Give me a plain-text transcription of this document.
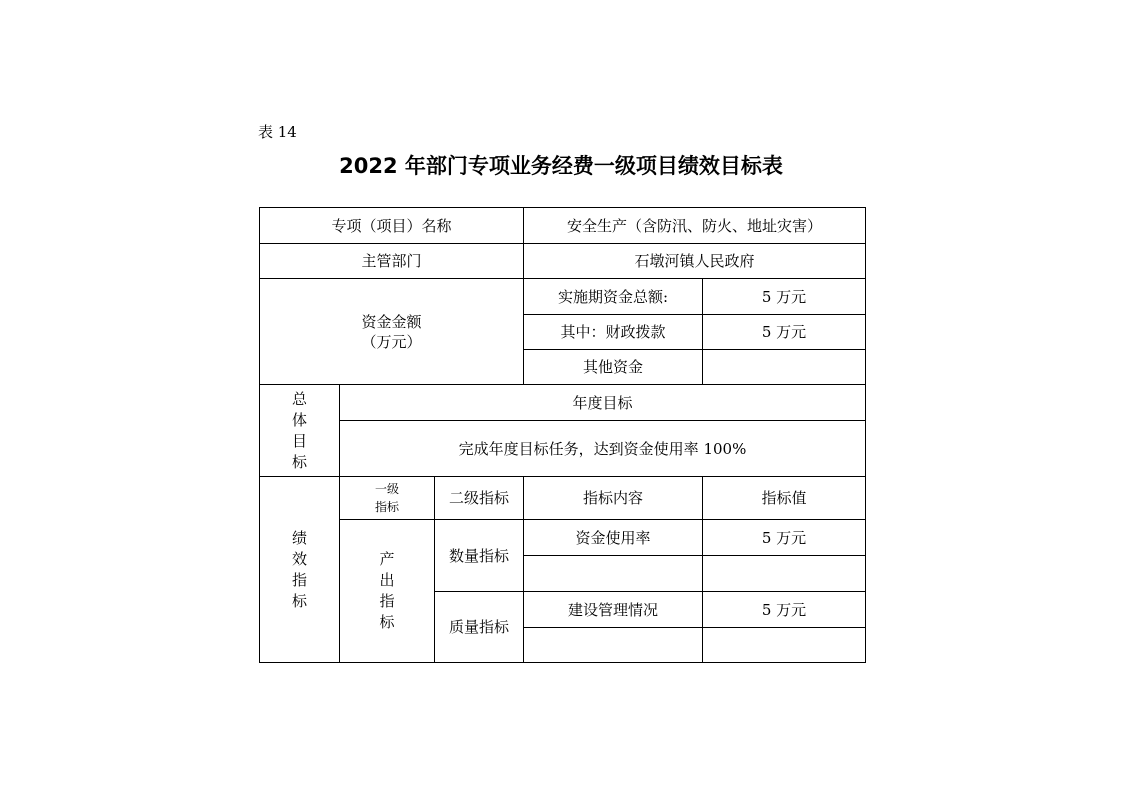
表 14
2022 年部门专项业务经费一级项目绩效目标表
专项（项目）名称			安全生产（含防汛、防火、地址灾害）	
主管部门			石墩河镇人民政府	

资金金额
（万元）			实施期资金总额:	5 万元
			其中：财政拨款	5 万元
			其他资金	
总体目标	年度目标			
	完成年度目标任务，达到资金使用率 100%			
绩效指标	一级指标	二级指标	指标内容	指标值
	产出指标	数量指标	资金使用率	5 万元

		质量指标	建设管理情况	5 万元
